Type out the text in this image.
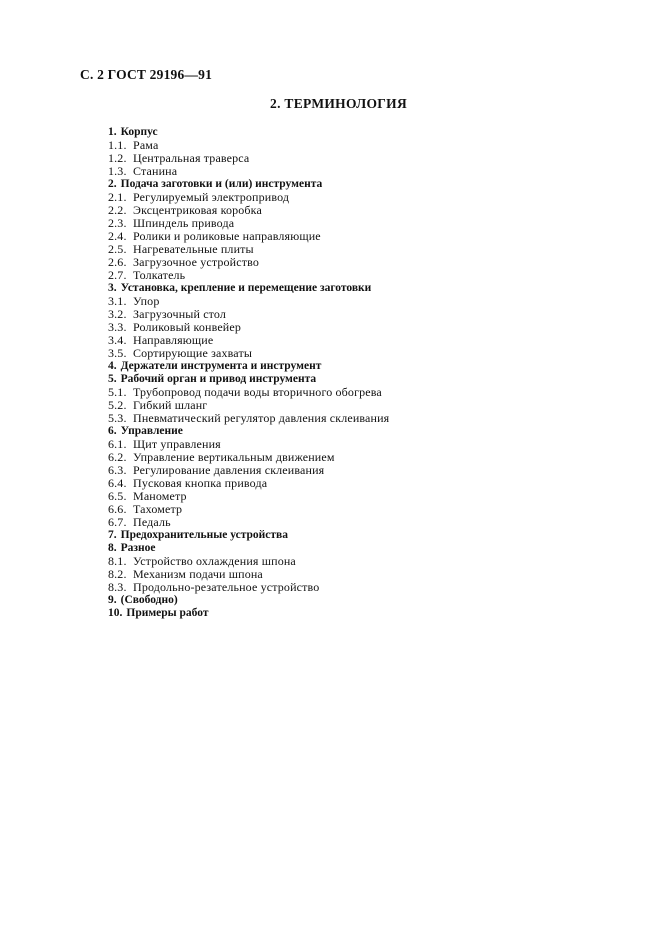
С. 2 ГОСТ 29196—91
2. ТЕРМИНОЛОГИЯ
1. Корпус
1.1. Рама
1.2. Центральная траверса
1.3. Станина
2. Подача заготовки и (или) инструмента
2.1. Регулируемый электропривод
2.2. Эксцентриковая коробка
2.3. Шпиндель привода
2.4. Ролики и роликовые направляющие
2.5. Нагревательные плиты
2.6. Загрузочное устройство
2.7. Толкатель
3. Установка, крепление и перемещение заготовки
3.1. Упор
3.2. Загрузочный стол
3.3. Роликовый конвейер
3.4. Направляющие
3.5. Сортирующие захваты
4. Держатели инструмента и инструмент
5. Рабочий орган и привод инструмента
5.1. Трубопровод подачи воды вторичного обогрева
5.2. Гибкий шланг
5.3. Пневматический регулятор давления склеивания
6. Управление
6.1. Щит управления
6.2. Управление вертикальным движением
6.3. Регулирование давления склеивания
6.4. Пусковая кнопка привода
6.5. Манометр
6.6. Тахометр
6.7. Педаль
7. Предохранительные устройства
8. Разное
8.1. Устройство охлаждения шпона
8.2. Механизм подачи шпона
8.3. Продольно-резательное устройство
9. (Свободно)
10. Примеры работ
